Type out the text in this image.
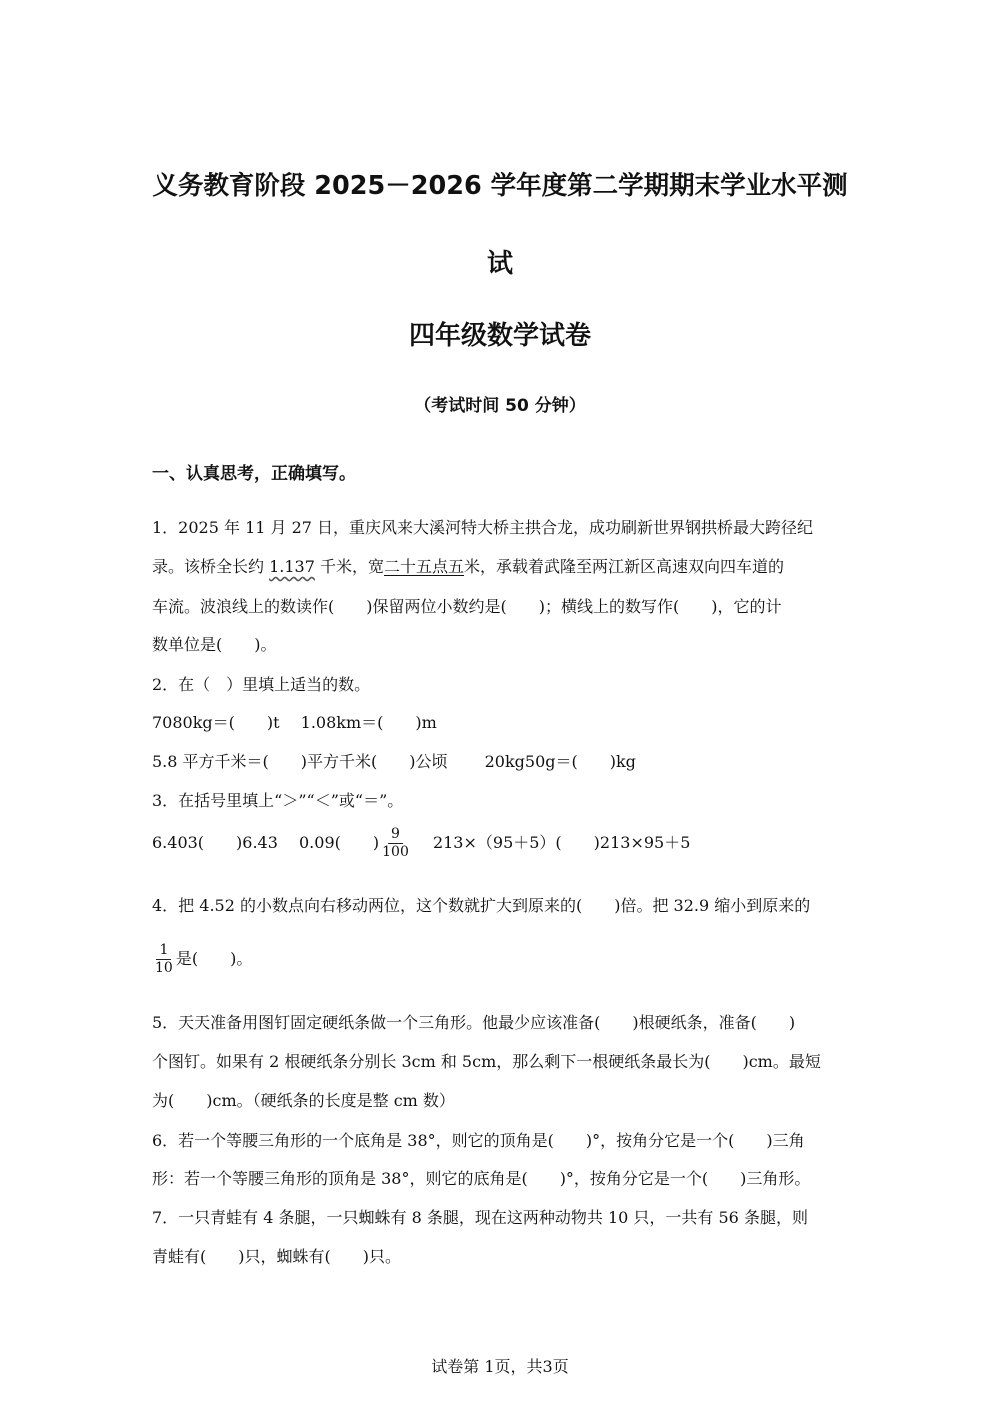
义务教育阶段 2025－2026 学年度第二学期期末学业水平测
试
四年级数学试卷
（考试时间 50 分钟）
一、认真思考，正确填写。
1．2025 年 11 月 27 日，重庆风来大溪河特大桥主拱合龙，成功刷新世界钢拱桥最大跨径纪
录。该桥全长约 1.137 千米，宽二十五点五米，承载着武隆至两江新区高速双向四车道的
车流。波浪线上的数读作(　　)保留两位小数约是(　　)；横线上的数写作(　　)，它的计
数单位是(　　)。
2．在（　）里填上适当的数。
7080kg＝(　　)t　 1.08km＝(　　)m
5.8 平方千米＝(　　)平方千米(　　)公顷　　 20kg50g＝(　　)kg
3．在括号里填上“＞”“＜”或“＝”。
6.403(　　)6.43　 0.09(　　) $\frac{9}{100}$ 　 213×（95＋5）(　　)213×95＋5
4．把 4.52 的小数点向右移动两位，这个数就扩大到原来的(　　)倍。把 32.9 缩小到原来的
$\frac{1}{10}$ 是(　　)。
5．天天准备用图钉固定硬纸条做一个三角形。他最少应该准备(　　)根硬纸条，准备(　　)
个图钉。如果有 2 根硬纸条分别长 3cm 和 5cm，那么剩下一根硬纸条最长为(　　)cm。最短
为(　　)cm。（硬纸条的长度是整 cm 数）
6．若一个等腰三角形的一个底角是 38°，则它的顶角是(　　)°，按角分它是一个(　　)三角
形：若一个等腰三角形的顶角是 38°，则它的底角是(　　)°，按角分它是一个(　　)三角形。
7．一只青蛙有 4 条腿，一只蜘蛛有 8 条腿，现在这两种动物共 10 只，一共有 56 条腿，则
青蛙有(　　)只，蜘蛛有(　　)只。
试卷第 1页，共3页
